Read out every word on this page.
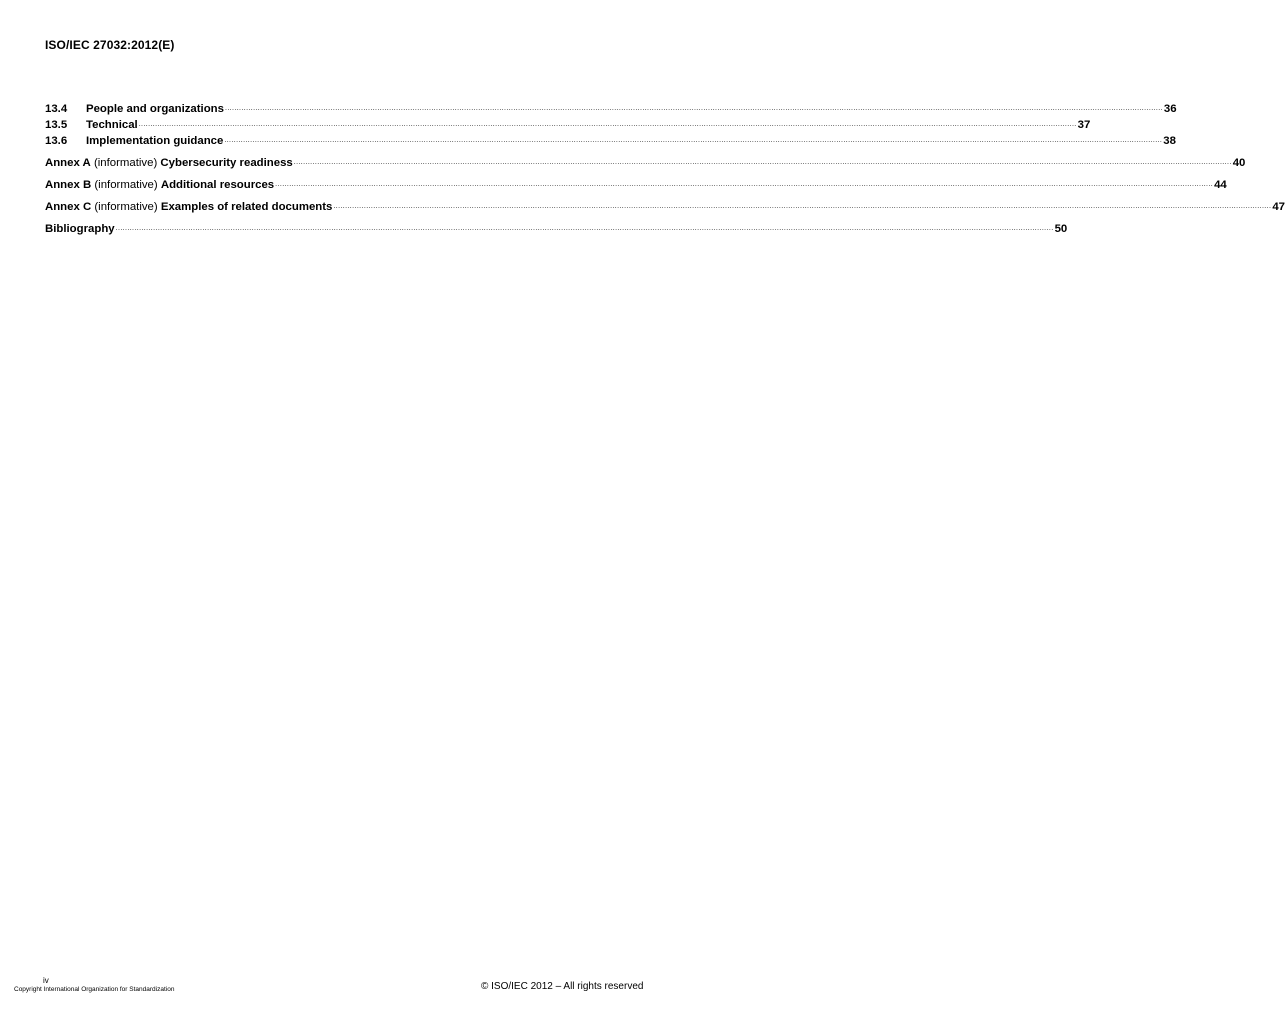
ISO/IEC 27032:2012(E)
13.4	People and organizations ................................................................................................................................................................................................................................................................................................................................................................................................................ 36
13.5	Technical ................................................................................................................................................................................................................................................................................................................................................................................................................ 37
13.6	Implementation guidance ................................................................................................................................................................................................................................................................................................................................................................................................................ 38
Annex A (informative) Cybersecurity readiness ................................................................................................................................................................................................................................................................................................................................................................................................................ 40
Annex B (informative) Additional resources ................................................................................................................................................................................................................................................................................................................................................................................................................ 44
Annex C (informative) Examples of related documents ................................................................................................................................................................................................................................................................................................................................................................................................................ 47
Bibliography ................................................................................................................................................................................................................................................................................................................................................................................................................ 50
iv
Copyright International Organization for Standardization	© ISO/IEC 2012 – All rights reserved
